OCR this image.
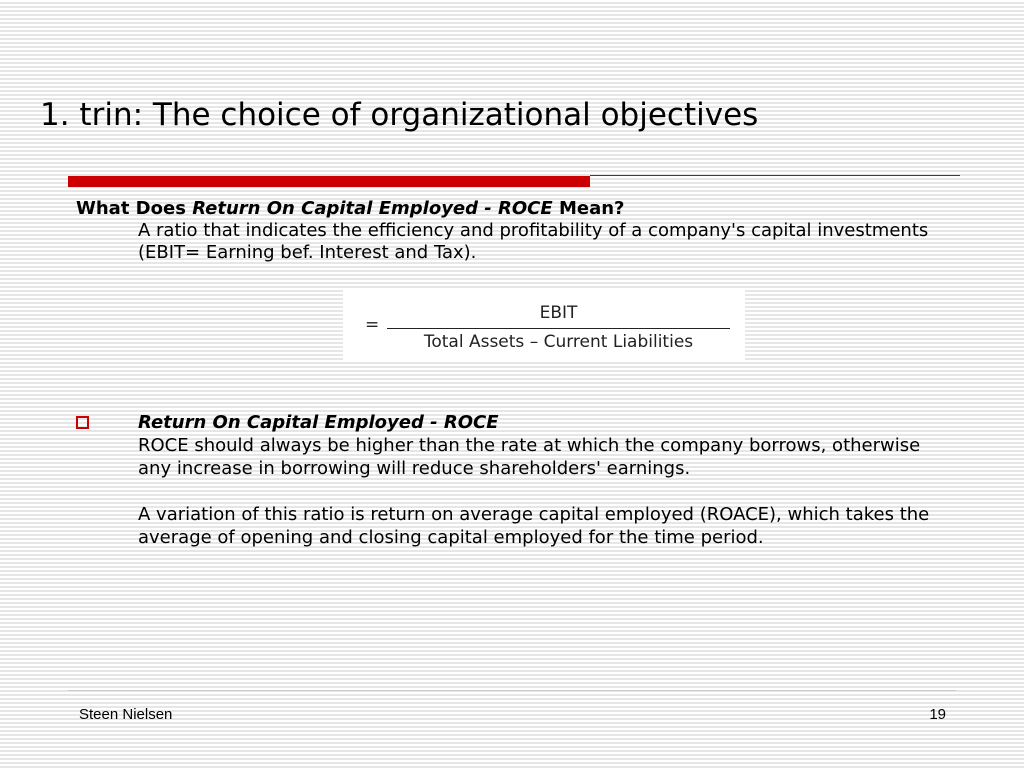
1. trin: The choice of organizational objectives
What Does Return On Capital Employed - ROCE Mean?
A ratio that indicates the efficiency and profitability of a company's capital investments (EBIT= Earning bef. Interest and Tax).
=
EBIT
Total Assets – Current Liabilities

Return On Capital Employed - ROCE

ROCE should always be higher than the rate at which the company borrows, otherwise any increase in borrowing will reduce shareholders' earnings.

A variation of this ratio is return on average capital employed (ROACE), which takes the average of opening and closing capital employed for the time period.

Steen Nielsen	19
